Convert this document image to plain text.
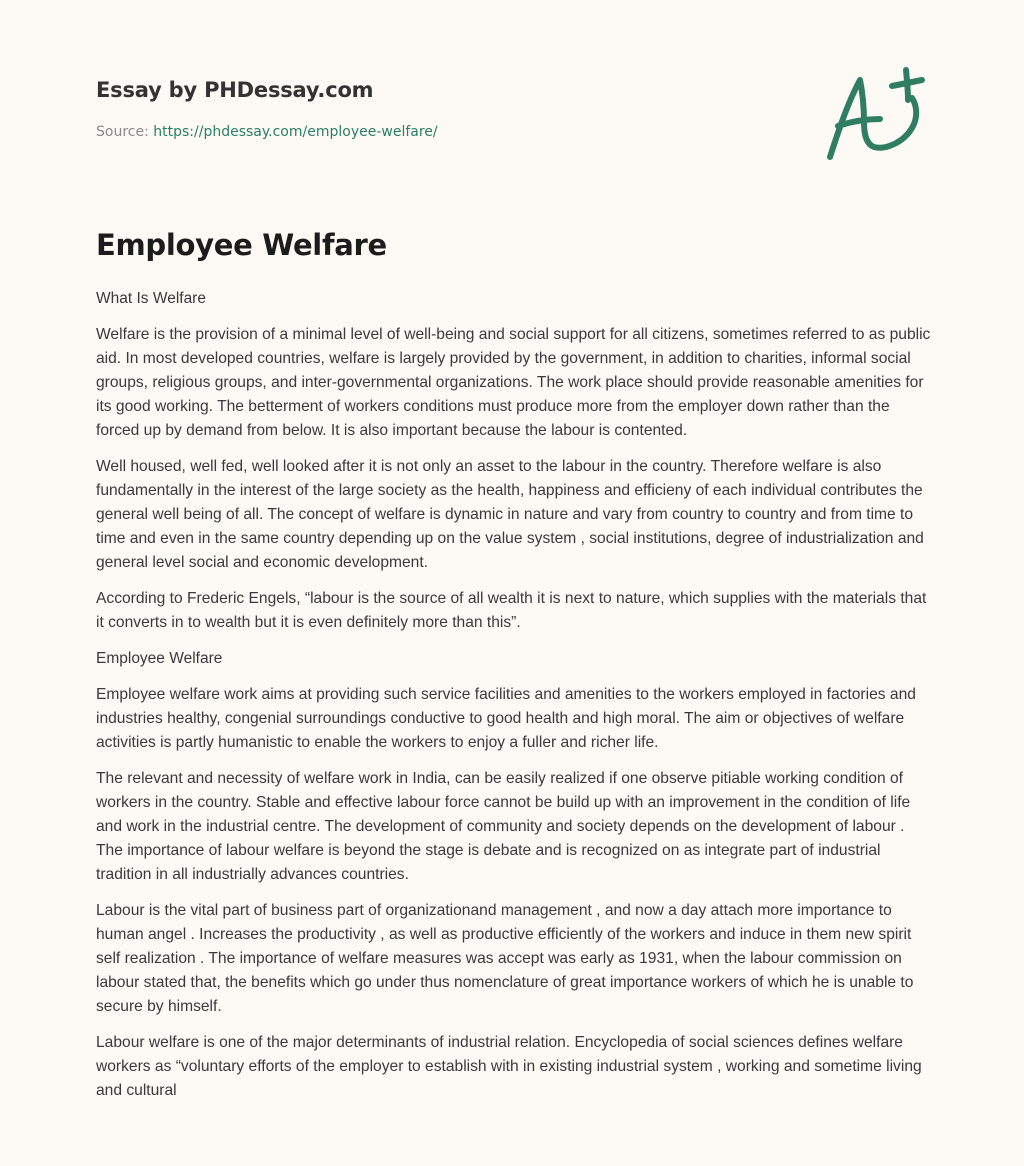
Essay by PHDessay.com
Source: https://phdessay.com/employee-welfare/
Employee Welfare

What Is Welfare

Welfare is the provision of a minimal level of well-being and social support for all citizens, sometimes referred to as public aid. In most developed countries, welfare is largely provided by the government, in addition to charities, informal social groups, religious groups, and inter-governmental organizations. The work place should provide reasonable amenities for its good working. The betterment of workers conditions must produce more from the employer down rather than the forced up by demand from below. It is also important because the labour is contented.

Well housed, well fed, well looked after it is not only an asset to the labour in the country. Therefore welfare is also fundamentally in the interest of the large society as the health, happiness and efficieny of each individual contributes the general well being of all. The concept of welfare is dynamic in nature and vary from country to country and from time to time and even in the same country depending up on the value system , social institutions, degree of industrialization and general level social and economic development.

According to Frederic Engels, “labour is the source of all wealth it is next to nature, which supplies with the materials that it converts in to wealth but it is even definitely more than this”.

Employee Welfare

Employee welfare work aims at providing such service facilities and amenities to the workers employed in factories and industries healthy, congenial surroundings conductive to good health and high moral. The aim or objectives of welfare activities is partly humanistic to enable the workers to enjoy a fuller and richer life.

The relevant and necessity of welfare work in India, can be easily realized if one observe pitiable working condition of workers in the country. Stable and effective labour force cannot be build up with an improvement in the condition of life and work in the industrial centre. The development of community and society depends on the development of labour . The importance of labour welfare is beyond the stage is debate and is recognized on as integrate part of industrial tradition in all industrially advances countries.

Labour is the vital part of business part of organizationand management , and now a day attach more importance to human angel . Increases the productivity , as well as productive efficiently of the workers and induce in them new spirit self realization . The importance of welfare measures was accept was early as 1931, when the labour commission on labour stated that, the benefits which go under thus nomenclature of great importance workers of which he is unable to secure by himself.

Labour welfare is one of the major determinants of industrial relation. Encyclopedia of social sciences defines welfare workers as “voluntary efforts of the employer to establish with in existing industrial system , working and sometime living and cultural
